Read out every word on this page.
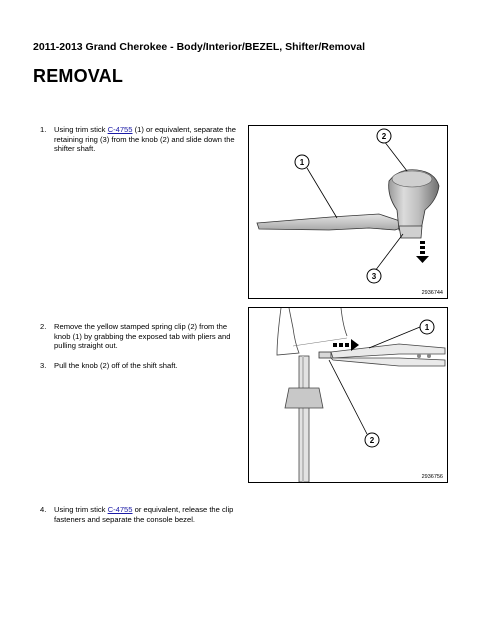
2011-2013 Grand Cherokee - Body/Interior/BEZEL, Shifter/Removal
REMOVAL
1. Using trim stick C-4755 (1) or equivalent, separate the retaining ring (3) from the knob (2) and slide down the shifter shaft.
1
2
3
2936744
2. Remove the yellow stamped spring clip (2) from the knob (1) by grabbing the exposed tab with pliers and pulling straight out.
3. Pull the knob (2) off of the shift shaft.
1
2
2936756
4. Using trim stick C-4755 or equivalent, release the clip fasteners and separate the console bezel.
